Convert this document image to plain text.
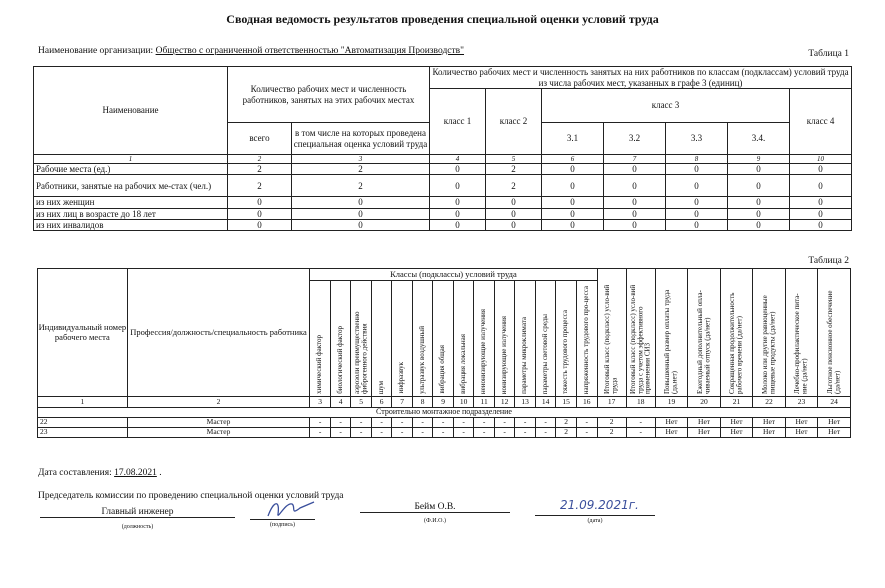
Сводная ведомость результатов проведения специальной оценки условий труда
Наименование организации: Общество с ограниченной ответственностью "Автоматизация Производств"	Таблица 1
Наименование	Количество рабочих мест и численность работников, занятых на этих рабочих местах		Количество рабочих мест и численность занятых на них работников по классам (подклассам) условий труда из числа рабочих мест, указанных в графе 3 (единиц)						
			класс 1	класс 2	класс 3				класс 4
	всего	в том числе на которых проведена специальная оценка условий труда			3.1	3.2	3.3	3.4.	
1	2	3	4	5	6	7	8	9	10
Рабочие места (ед.)	2	2	0	2	0	0	0	0	0
Работники, занятые на рабочих ме-стах (чел.)	2	2	0	2	0	0	0	0	0
из них женщин	0	0	0	0	0	0	0	0	0
из них лиц в возрасте до 18 лет	0	0	0	0	0	0	0	0	0
из них инвалидов	0	0	0	0	0	0	0	0	0
Таблица 2
Индивидуальный номер рабочего места	Профессия/должность/специальность работника	Классы (подклассы) условий труда														Итоговый класс (подкласс) усло-вий труда	Итоговый класс (подкласс) усло-вий труда с учетом эффективного применения СИЗ	Повышенный размер оплаты труда (да,нет)	Ежегодный дополнительный опла-чиваемый отпуск (да/нет)	Сокращенная продолжительность рабочего времени (да/нет)	Молоко или другие равноценные пищевые продукты (да/нет)	Лечебно-профилактическое пита-ние (да/нет)	Льготное пенсионное обеспечение (да/нет)
		химический фактор	биологический фактор	аэрозоли преимущественно фиброгенного действия	шум	инфразвук	ультразвук воздушный	вибрация общая	вибрация локальная	неионизирующие излучения	ионизирующие излучения	параметры микроклимата	параметры световой среды	тяжесть трудового процесса	напряженность трудового про-цесса								
1	2	3	4	5	6	7	8	9	10	11	12	13	14	15	16	17	18	19	20	21	22	23	24
Строительно монтажное подразделение																							
22	Мастер	-	-	-	-	-	-	-	-	-	-	-	-	2	-	2	-	Нет	Нет	Нет	Нет	Нет	Нет
23	Мастер	-	-	-	-	-	-	-	-	-	-	-	-	2	-	2	-	Нет	Нет	Нет	Нет	Нет	Нет
Дата составления: 17.08.2021 .
Председатель комиссии по проведению специальной оценки условий труда
Главный инженер
(должность)	(подпись)
Бейм О.В.
(Ф.И.О.)
21.09.2021г.
(дата)
